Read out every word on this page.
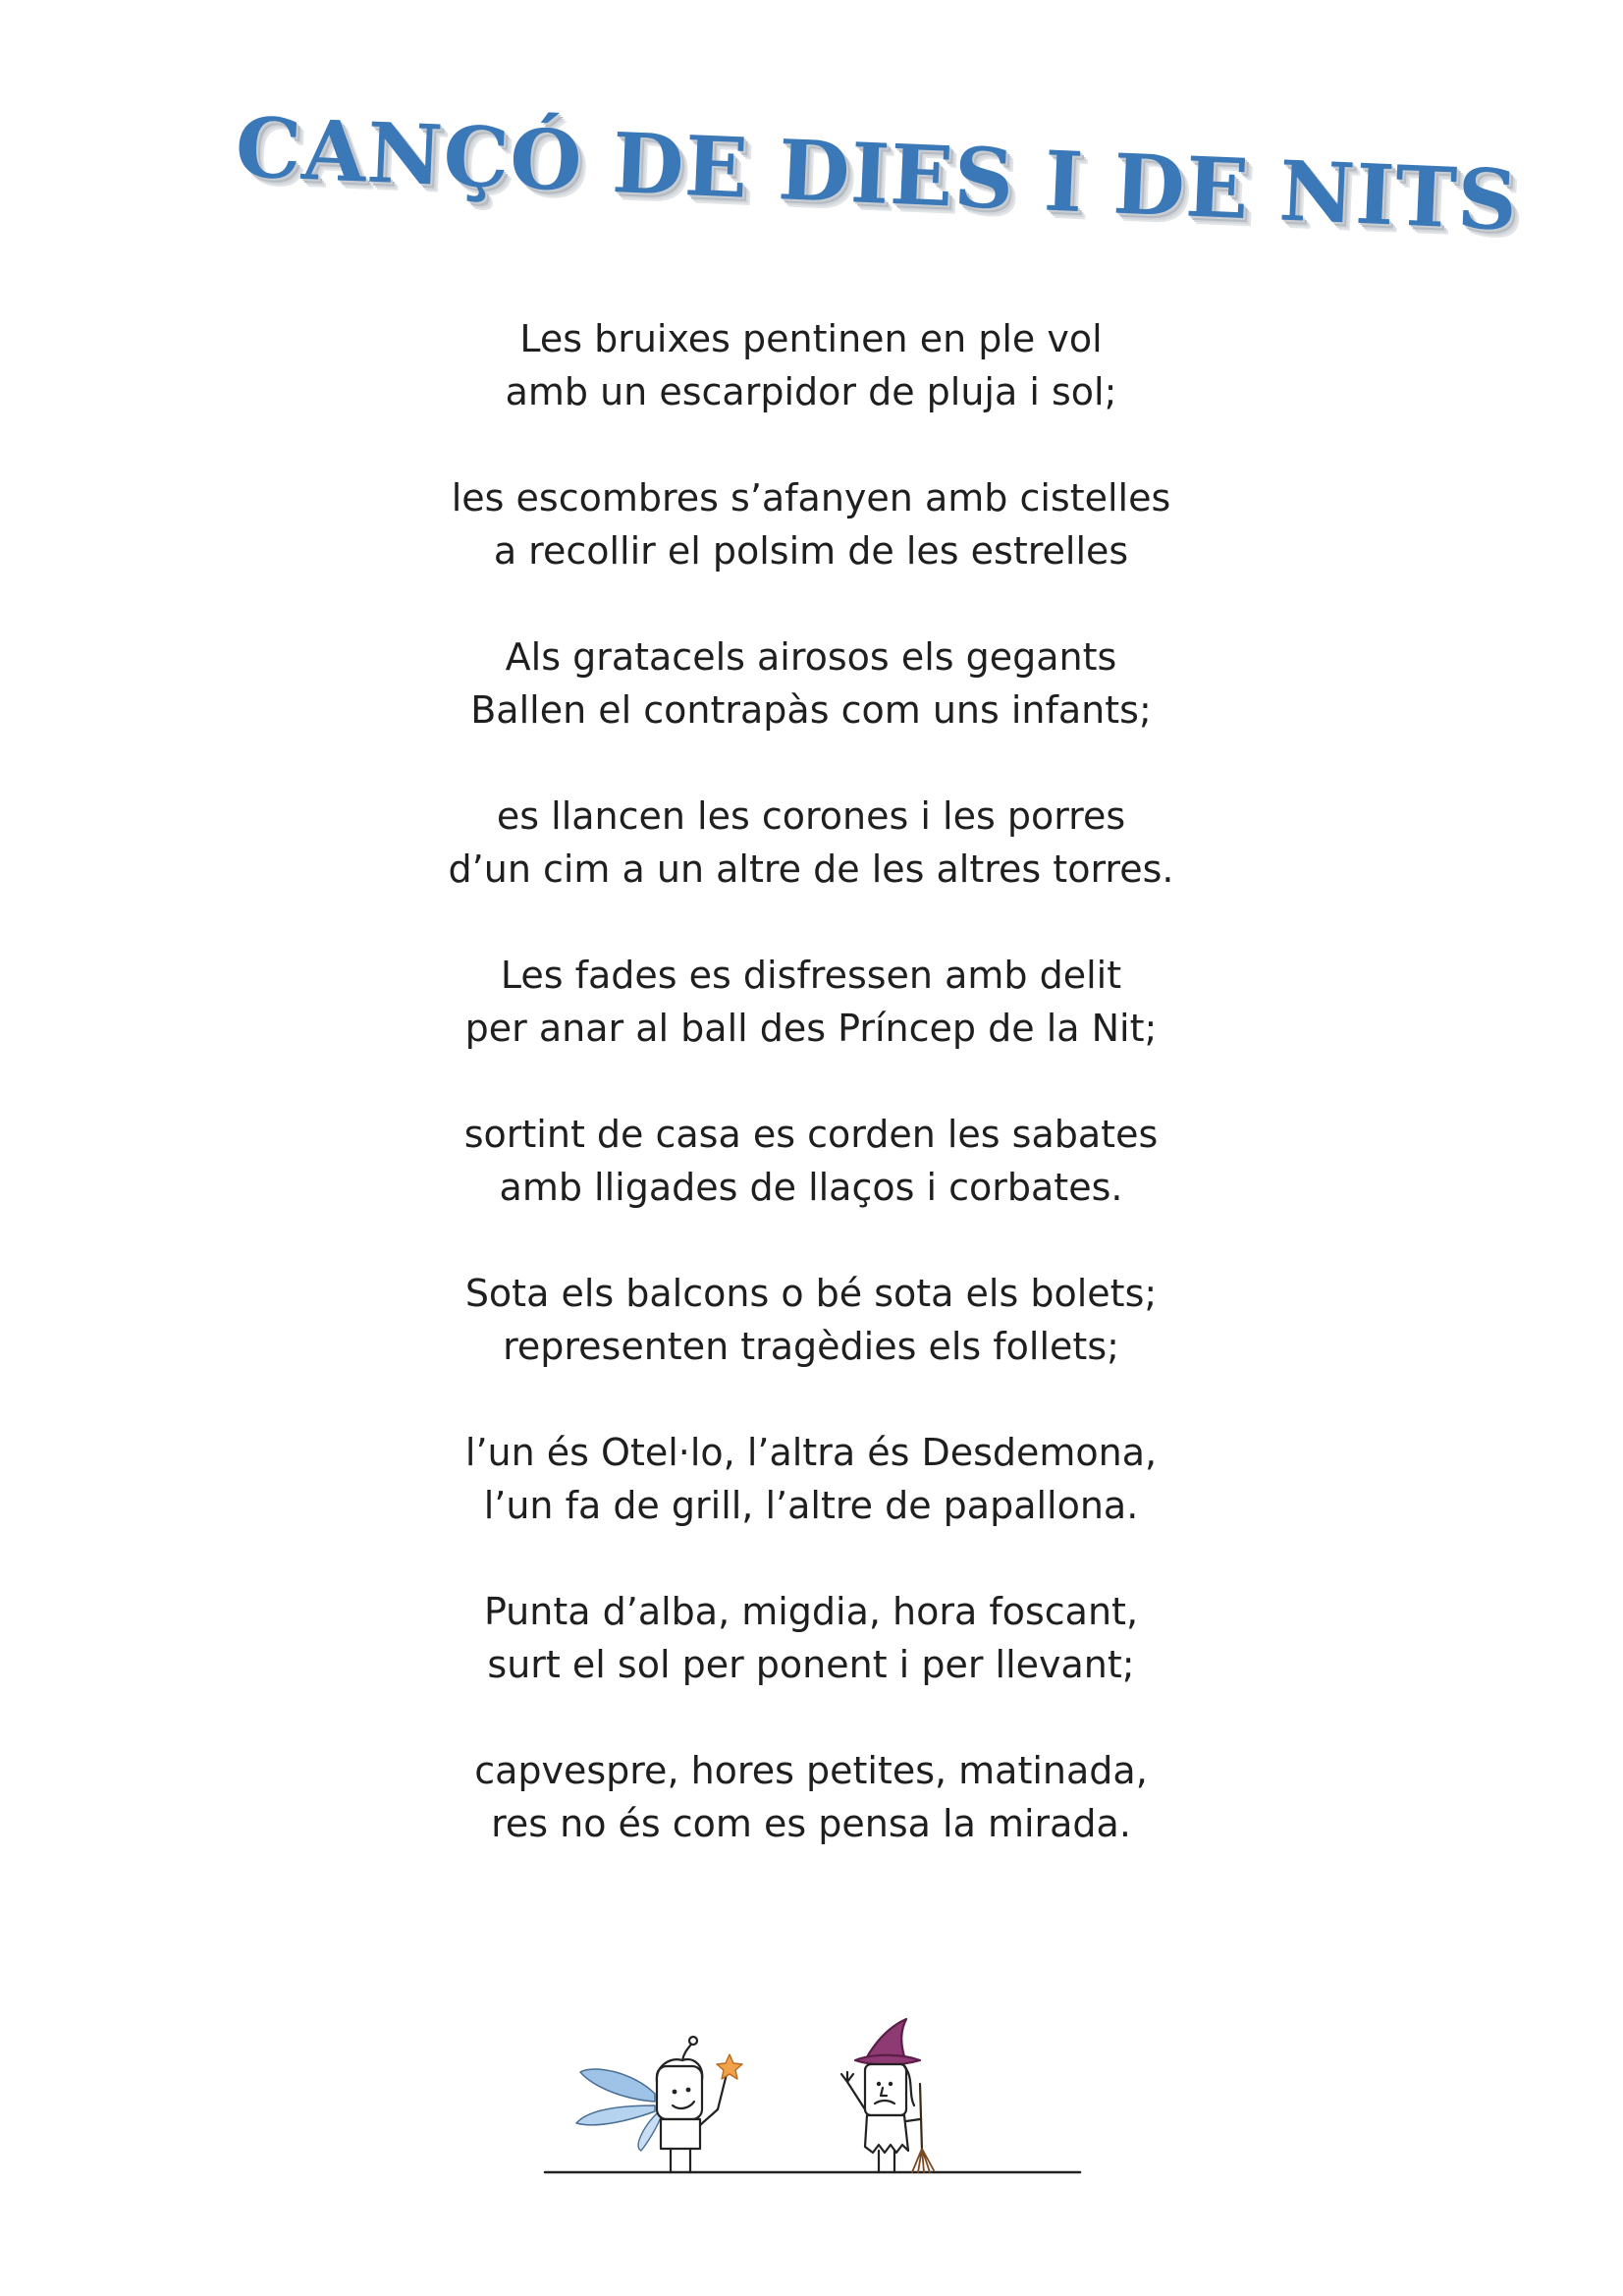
CANÇÓ DE DIES I DE NITS
Les bruixes pentinen en ple vol
amb un escarpidor de pluja i sol;
les escombres s’afanyen amb cistelles
a recollir el polsim de les estrelles
Als gratacels airosos els gegants
Ballen el contrapàs com uns infants;
es llancen les corones i les porres
d’un cim a un altre de les altres torres.
Les fades es disfressen amb delit
per anar al ball des Príncep de la Nit;
sortint de casa es corden les sabates
amb lligades de llaços i corbates.
Sota els balcons o bé sota els bolets;
representen tragèdies els follets;
l’un és Otel·lo, l’altra és Desdemona,
l’un fa de grill, l’altre de papallona.
Punta d’alba, migdia, hora foscant,
surt el sol per ponent i per llevant;
capvespre, hores petites, matinada,
res no és com es pensa la mirada.
